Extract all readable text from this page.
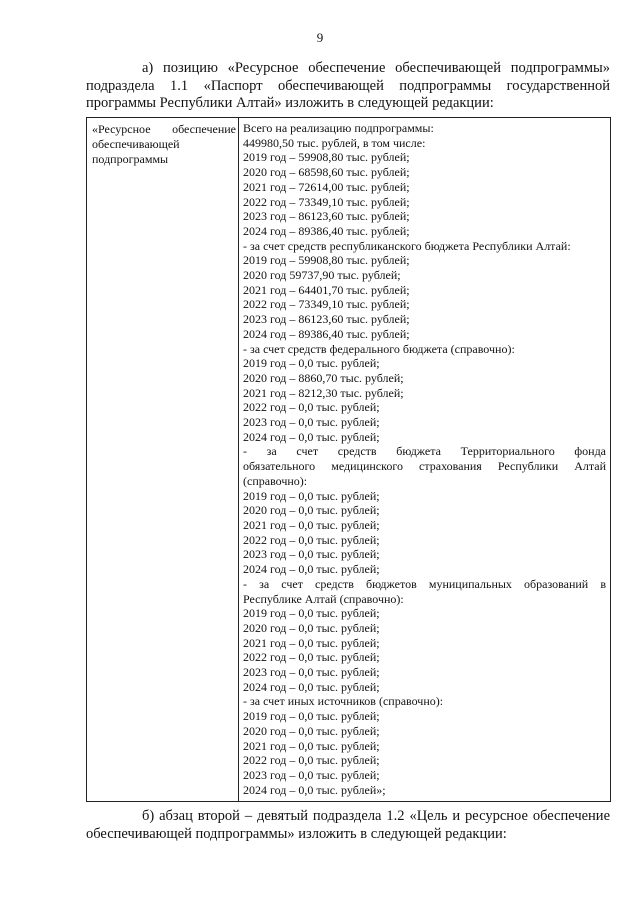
9
а) позицию «Ресурсное обеспечение обеспечивающей подпрограммы»
подраздела 1.1 «Паспорт обеспечивающей подпрограммы государственной
программы Республики Алтай» изложить в следующей редакции:
«Ресурсное обеспечение
обеспечивающей
подпрограммы
Всего на реализацию подпрограммы:
449980,50 тыс. рублей, в том числе:
2019 год – 59908,80 тыс. рублей;
2020 год – 68598,60 тыс. рублей;
2021 год – 72614,00 тыс. рублей;
2022 год – 73349,10 тыс. рублей;
2023 год – 86123,60 тыс. рублей;
2024 год – 89386,40 тыс. рублей;
- за счет средств республиканского бюджета Республики Алтай:
2019 год – 59908,80 тыс. рублей;
2020 год 59737,90 тыс. рублей;
2021 год – 64401,70 тыс. рублей;
2022 год – 73349,10 тыс. рублей;
2023 год – 86123,60 тыс. рублей;
2024 год – 89386,40 тыс. рублей;
- за счет средств федерального бюджета (справочно):
2019 год – 0,0 тыс. рублей;
2020 год – 8860,70 тыс. рублей;
2021 год – 8212,30 тыс. рублей;
2022 год – 0,0 тыс. рублей;
2023 год – 0,0 тыс. рублей;
2024 год – 0,0 тыс. рублей;
- за счет средств бюджета Территориального фонда
обязательного медицинского страхования Республики Алтай
(справочно):
2019 год – 0,0 тыс. рублей;
2020 год – 0,0 тыс. рублей;
2021 год – 0,0 тыс. рублей;
2022 год – 0,0 тыс. рублей;
2023 год – 0,0 тыс. рублей;
2024 год – 0,0 тыс. рублей;
- за счет средств бюджетов муниципальных образований в
Республике Алтай (справочно):
2019 год – 0,0 тыс. рублей;
2020 год – 0,0 тыс. рублей;
2021 год – 0,0 тыс. рублей;
2022 год – 0,0 тыс. рублей;
2023 год – 0,0 тыс. рублей;
2024 год – 0,0 тыс. рублей;
- за счет иных источников (справочно):
2019 год – 0,0 тыс. рублей;
2020 год – 0,0 тыс. рублей;
2021 год – 0,0 тыс. рублей;
2022 год – 0,0 тыс. рублей;
2023 год – 0,0 тыс. рублей;
2024 год – 0,0 тыс. рублей»;
б) абзац второй – девятый подраздела 1.2 «Цель и ресурсное обеспечение
обеспечивающей подпрограммы» изложить в следующей редакции:
